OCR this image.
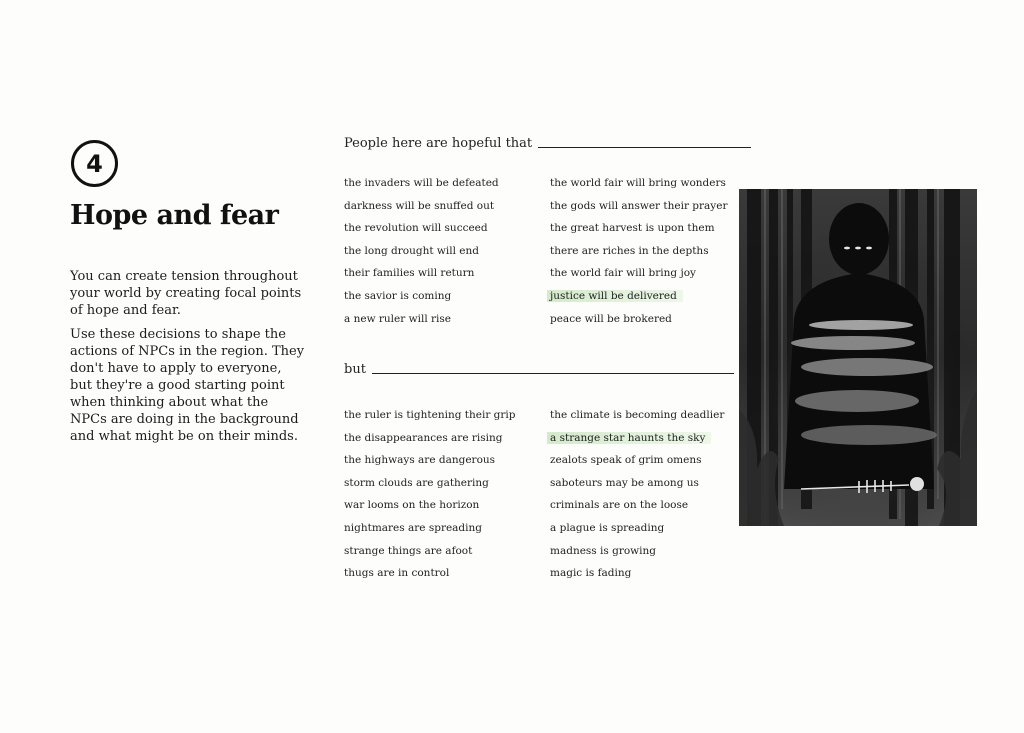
4
Hope and fear

You can create tension throughout your world by creating focal points of hope and fear.

Use these decisions to shape the actions of NPCs in the region. They don't have to apply to everyone, but they're a good starting point when thinking about what the NPCs are doing in the background and what might be on their minds.

People here are hopeful that
the invaders will be defeated
darkness will be snuffed out
the revolution will succeed
the long drought will end
their families will return
the savior is coming
a new ruler will rise
the world fair will bring wonders
the gods will answer their prayer
the great harvest is upon them
there are riches in the depths
the world fair will bring joy
justice will be delivered
peace will be brokered
but
the ruler is tightening their grip
the disappearances are rising
the highways are dangerous
storm clouds are gathering
war looms on the horizon
nightmares are spreading
strange things are afoot
thugs are in control
the climate is becoming deadlier
a strange star haunts the sky
zealots speak of grim omens
saboteurs may be among us
criminals are on the loose
a plague is spreading
madness is growing
magic is fading
